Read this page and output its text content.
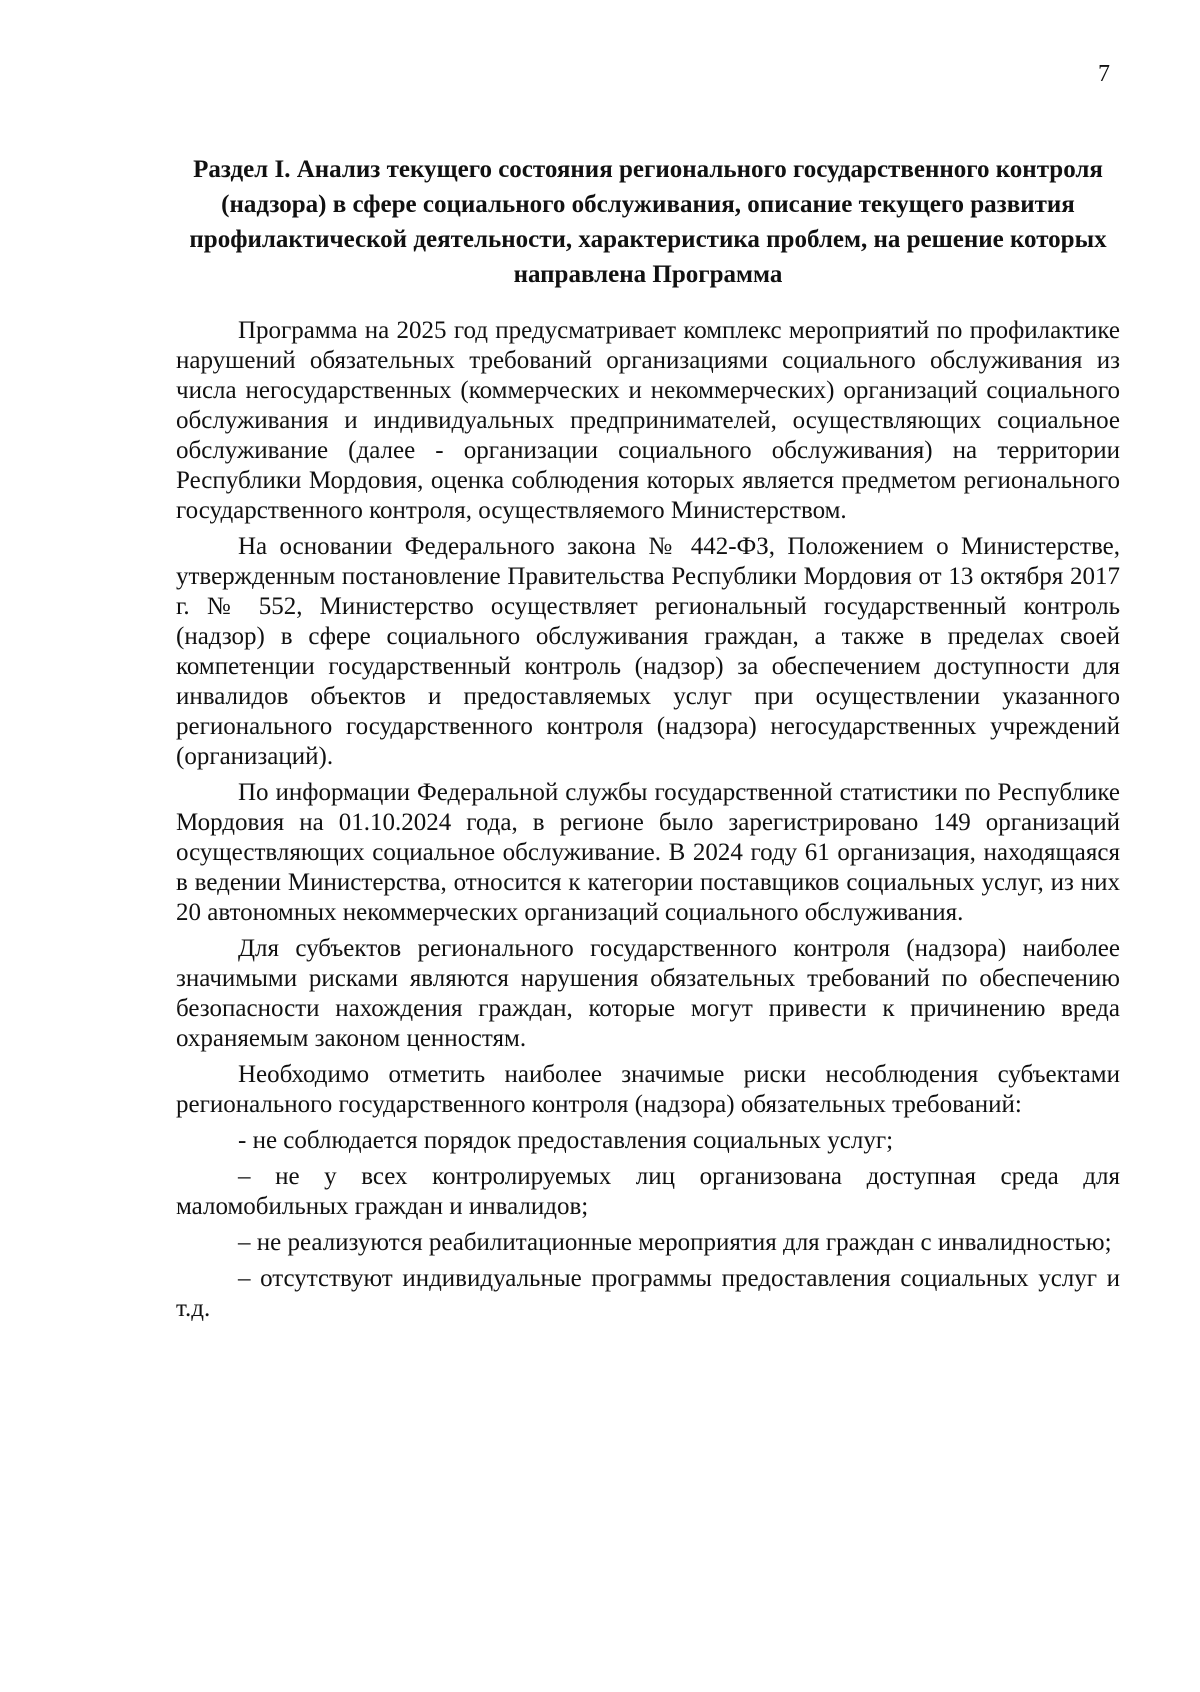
7
Раздел I. Анализ текущего состояния регионального государственного контроля (надзора) в сфере социального обслуживания, описание текущего развития профилактической деятельности, характеристика проблем, на решение которых направлена Программа

Программа на 2025 год предусматривает комплекс мероприятий по профилактике нарушений обязательных требований организациями социального обслуживания из числа негосударственных (коммерческих и некоммерческих) организаций социального обслуживания и индивидуальных предпринимателей, осуществляющих социальное обслуживание (далее - организации социального обслуживания) на территории Республики Мордовия, оценка соблюдения которых является предметом регионального государственного контроля, осуществляемого Министерством.

На основании Федерального закона № 442-ФЗ, Положением о Министерстве, утвержденным постановление Правительства Республики Мордовия от 13 октября 2017 г. № 552, Министерство осуществляет региональный государственный контроль (надзор) в сфере социального обслуживания граждан, а также в пределах своей компетенции государственный контроль (надзор) за обеспечением доступности для инвалидов объектов и предоставляемых услуг при осуществлении указанного регионального государственного контроля (надзора) негосударственных учреждений (организаций).

По информации Федеральной службы государственной статистики по Республике Мордовия на 01.10.2024 года, в регионе было зарегистрировано 149 организаций осуществляющих социальное обслуживание. В 2024 году 61 организация, находящаяся в ведении Министерства, относится к категории поставщиков социальных услуг, из них 20 автономных некоммерческих организаций социального обслуживания.

Для субъектов регионального государственного контроля (надзора) наиболее значимыми рисками являются нарушения обязательных требований по обеспечению безопасности нахождения граждан, которые могут привести к причинению вреда охраняемым законом ценностям.

Необходимо отметить наиболее значимые риски несоблюдения субъектами регионального государственного контроля (надзора) обязательных требований:

- не соблюдается порядок предоставления социальных услуг;

– не у всех контролируемых лиц организована доступная среда для маломобильных граждан и инвалидов;

– не реализуются реабилитационные мероприятия для граждан с инвалидностью;

– отсутствуют индивидуальные программы предоставления социальных услуг и т.д.
